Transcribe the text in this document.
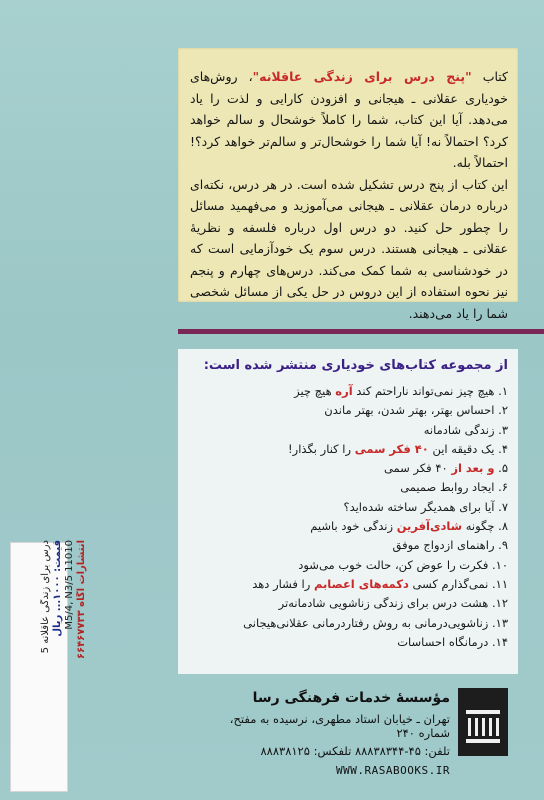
کتاب "پنج درس برای زندگی عاقلانه"، روش‌های خودیاری عقلانی ـ هیجانی و افزودن کارایی و لذت را یاد می‌دهد. آیا این کتاب، شما را کاملاً خوشحال و سالم خواهد کرد؟ احتمالاً نه! آیا شما را خوشحال‌تر و سالم‌تر خواهد کرد؟! احتمالاً بله.

این کتاب از پنج درس تشکیل شده است. در هر درس، نکته‌ای درباره درمان عقلانی ـ هیجانی می‌آموزید و می‌فهمید مسائل را چطور حل کنید. دو درس اول درباره فلسفه و نظریهٔ عقلانی ـ هیجانی هستند. درس سوم یک خودآزمایی است که در خودشناسی به شما کمک می‌کند. درس‌های چهارم و پنجم نیز نحوه استفاده از این دروس در حل یکی از مسائل شخصی شما را یاد می‌دهند.

از مجموعه کتاب‌های خودیاری منتشر شده است:
۱. هیچ چیز نمی‌تواند ناراحتم کند آره هیچ چیز
۲. احساس بهتر، بهتر شدن، بهتر ماندن
۳. زندگی شادمانه
۴. یک دقیقه این ۴۰ فکر سمی را کنار بگذار!
۵. و بعد از ۴۰ فکر سمی
۶. ایجاد روابط صمیمی
۷. آیا برای همدیگر ساخته شده‌اید؟
۸. چگونه شادی‌آفرین زندگی خود باشیم
۹. راهنمای ازدواج موفق
۱۰. فکرت را عوض کن، حالت خوب می‌شود
۱۱. نمی‌گذارم کسی دکمه‌های اعصابم را فشار دهد
۱۲. هشت درس برای زندگی زناشویی شادمانه‌تر
۱۳. زناشویی‌درمانی به روش رفتاردرمانی عقلانی‌هیجانی
۱۴. درمانگاه احساسات
مؤسسهٔ خدمات فرهنگی رسا
تهران ـ خیابان استاد مطهری، نرسیده به مفتح، شماره ۲۴۰
تلفن: ۴۵-۸۸۸۳۸۳۴۴ تلفکس: ۸۸۸۳۸۱۲۵
WWW.RASABOOKS.IR
درس برای زندگی عاقلانه 5 قیمت: ۱۰۰۰... ریال
11010 M5/4, N3/5
انتشارات آگاه ۶۶۴۶۷۷۳۳
